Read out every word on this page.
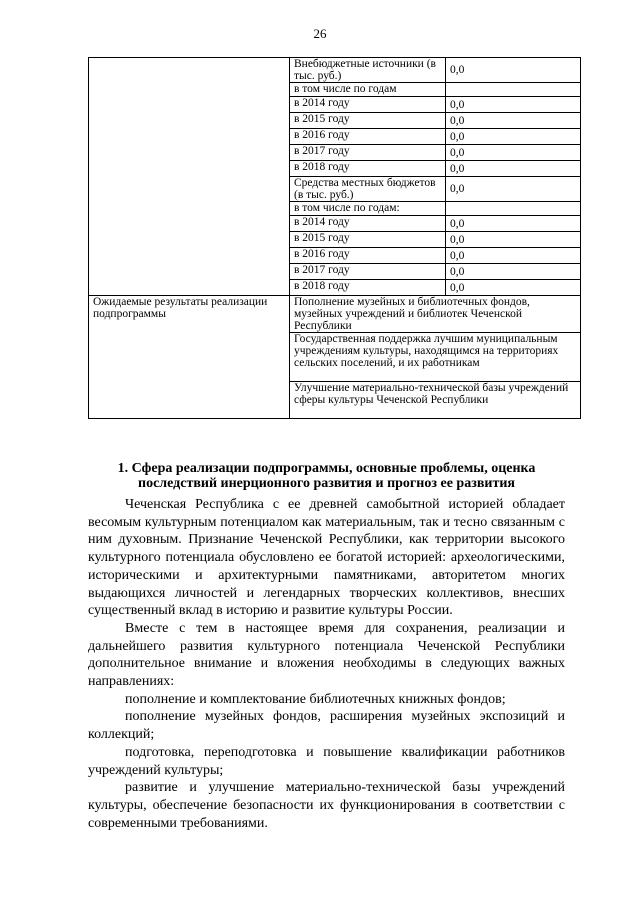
26
	Внебюджетные источники (в тыс. руб.)	0,0
	в том числе по годам	
	в 2014 году	0,0
	в 2015 году	0,0
	в 2016 году	0,0
	в 2017 году	0,0
	в 2018 году	0,0
	Средства местных бюджетов (в тыс. руб.)	0,0
	в том числе по годам:	
	в 2014 году	0,0
	в 2015 году	0,0
	в 2016 году	0,0
	в 2017 году	0,0
	в 2018 году	0,0
Ожидаемые результаты реализации подпрограммы	Пополнение музейных и библиотечных фондов, музейных учреждений и библиотек Чеченской Республики	
	Государственная поддержка лучшим муниципальным учреждениям культуры, находящимся на территориях сельских поселений, и их работникам	
	Улучшение материально-технической базы учреждений сферы культуры Чеченской Республики	
1. Сфера реализации подпрограммы, основные проблемы, оценка последствий инерционного развития и прогноз ее развития

Чеченская Республика с ее древней самобытной историей обладает весомым культурным потенциалом как материальным, так и тесно связанным с ним духовным. Признание Чеченской Республики, как территории высокого культурного потенциала обусловлено ее богатой историей: археологическими, историческими и архитектурными памятниками, авторитетом многих выдающихся личностей и легендарных творческих коллективов, внесших существенный вклад в историю и развитие культуры России.

Вместе с тем в настоящее время для сохранения, реализации и дальнейшего развития культурного потенциала Чеченской Республики дополнительное внимание и вложения необходимы в следующих важных направлениях:

пополнение и комплектование библиотечных книжных фондов;

пополнение музейных фондов, расширения музейных экспозиций и коллекций;

подготовка, переподготовка и повышение квалификации работников учреждений культуры;

развитие и улучшение материально-технической базы учреждений культуры, обеспечение безопасности их функционирования в соответствии с современными требованиями.
